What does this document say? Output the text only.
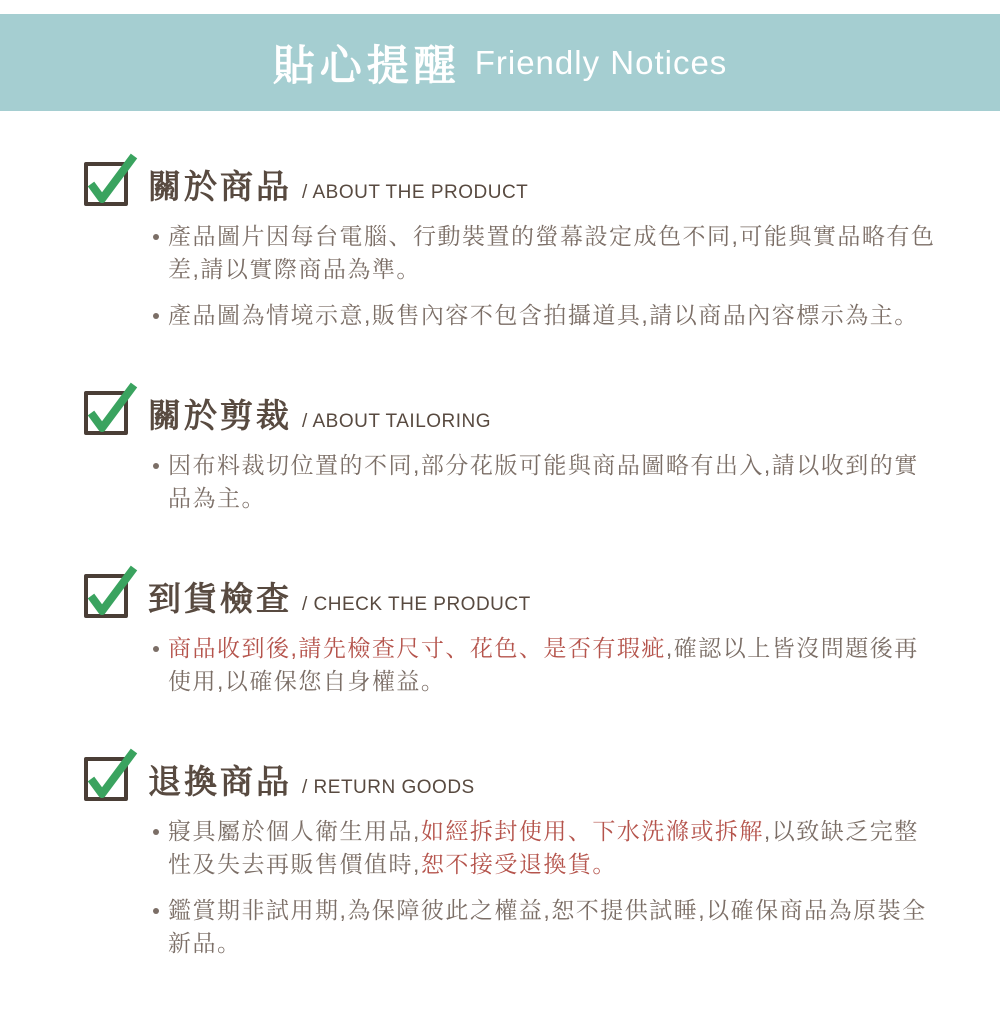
貼心提醒 Friendly Notices
關於商品 / ABOUT THE PRODUCT
產品圖片因每台電腦、行動裝置的螢幕設定成色不同,可能與實品略有色差,請以實際商品為準。
產品圖為情境示意,販售內容不包含拍攝道具,請以商品內容標示為主。
關於剪裁 / ABOUT TAILORING
因布料裁切位置的不同,部分花版可能與商品圖略有出入,請以收到的實品為主。
到貨檢查 / CHECK THE PRODUCT
商品收到後,請先檢查尺寸、花色、是否有瑕疵,確認以上皆沒問題後再使用,以確保您自身權益。
退換商品 / RETURN GOODS
寢具屬於個人衛生用品,如經拆封使用、下水洗滌或拆解,以致缺乏完整性及失去再販售價值時,恕不接受退換貨。
鑑賞期非試用期,為保障彼此之權益,恕不提供試睡,以確保商品為原裝全新品。
